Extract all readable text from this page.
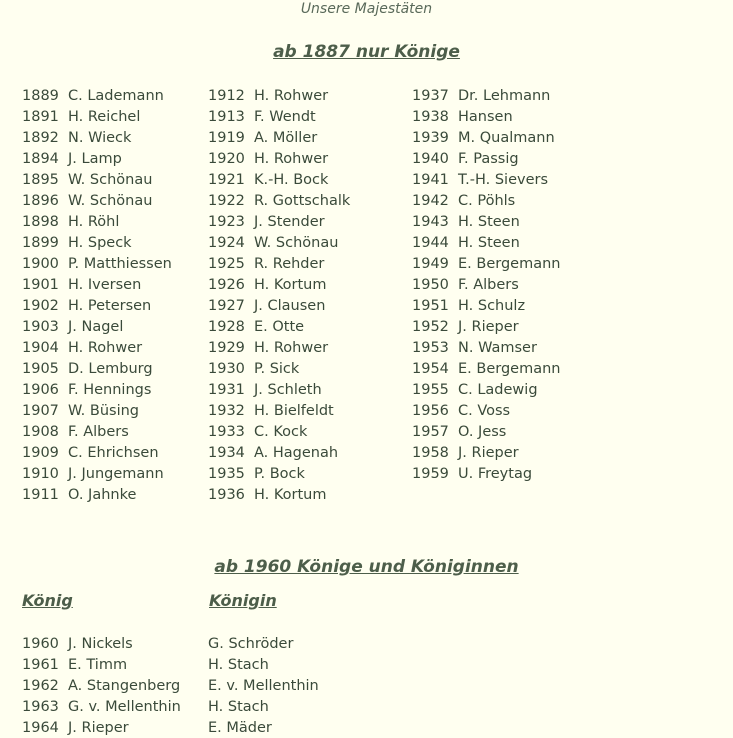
Unsere Majestäten
ab 1887 nur Könige
1889 C. Lademann
1891 H. Reichel
1892 N. Wieck
1894 J. Lamp
1895 W. Schönau
1896 W. Schönau
1898 H. Röhl
1899 H. Speck
1900 P. Matthiessen
1901 H. Iversen
1902 H. Petersen
1903 J. Nagel
1904 H. Rohwer
1905 D. Lemburg
1906 F. Hennings
1907 W. Büsing
1908 F. Albers
1909 C. Ehrichsen
1910 J. Jungemann
1911 O. Jahnke
1912 H. Rohwer
1913 F. Wendt
1919 A. Möller
1920 H. Rohwer
1921 K.-H. Bock
1922 R. Gottschalk
1923 J. Stender
1924 W. Schönau
1925 R. Rehder
1926 H. Kortum
1927 J. Clausen
1928 E. Otte
1929 H. Rohwer
1930 P. Sick
1931 J. Schleth
1932 H. Bielfeldt
1933 C. Kock
1934 A. Hagenah
1935 P. Bock
1936 H. Kortum
1937 Dr. Lehmann
1938 Hansen
1939 M. Qualmann
1940 F. Passig
1941 T.-H. Sievers
1942 C. Pöhls
1943 H. Steen
1944 H. Steen
1949 E. Bergemann
1950 F. Albers
1951 H. Schulz
1952 J. Rieper
1953 N. Wamser
1954 E. Bergemann
1955 C. Ladewig
1956 C. Voss
1957 O. Jess
1958 J. Rieper
1959 U. Freytag
ab 1960 Könige und Königinnen
König	Königin
1960 J. Nickels
1961 E. Timm
1962 A. Stangenberg
1963 G. v. Mellenthin
1964 J. Rieper
G. Schröder
H. Stach
E. v. Mellenthin
H. Stach
E. Mäder
